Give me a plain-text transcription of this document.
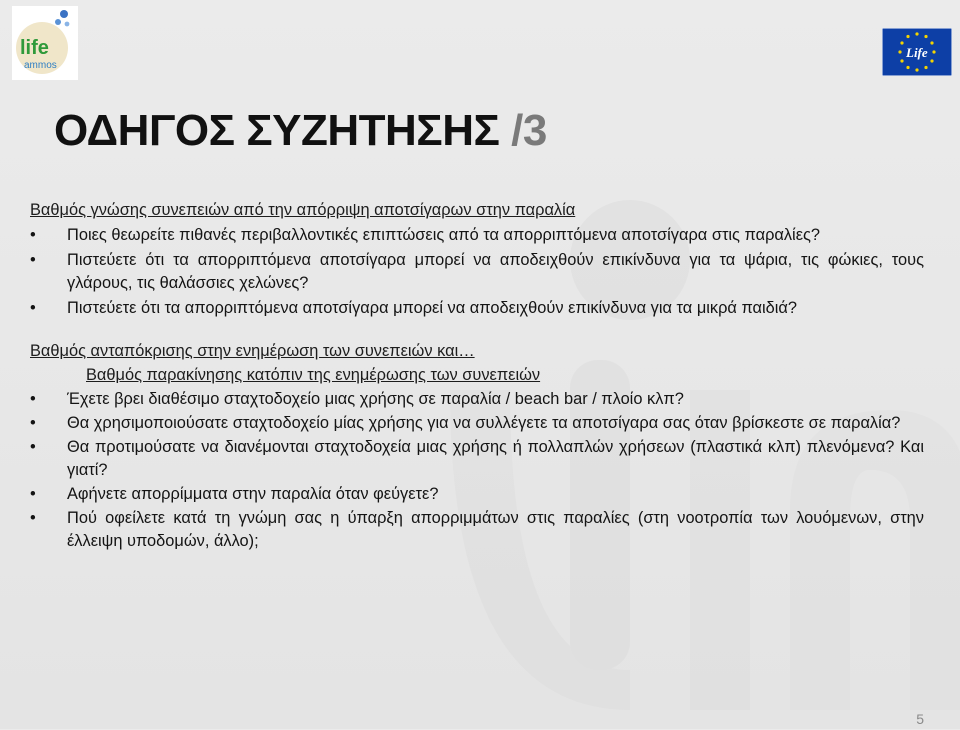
life
ammos
Life
ΟΔΗΓΟΣ ΣΥΖΗΤΗΣΗΣ /3

Βαθμός γνώσης συνεπειών από την απόρριψη αποτσίγαρων στην παραλία

• Ποιες θεωρείτε πιθανές περιβαλλοντικές επιπτώσεις από τα απορριπτόμενα αποτσίγαρα στις παραλίες?
• Πιστεύετε ότι τα απορριπτόμενα αποτσίγαρα μπορεί να αποδειχθούν επικίνδυνα για τα ψάρια, τις φώκιες, τους γλάρους, τις θαλάσσιες χελώνες?
• Πιστεύετε ότι τα απορριπτόμενα αποτσίγαρα μπορεί να αποδειχθούν επικίνδυνα για τα μικρά παιδιά?

Βαθμός ανταπόκρισης στην ενημέρωση των συνεπειών και…

Βαθμός παρακίνησης κατόπιν της ενημέρωσης των συνεπειών

• Έχετε βρει διαθέσιμο σταχτοδοχείο μιας χρήσης σε παραλία / beach bar / πλοίο κλπ?
• Θα χρησιμοποιούσατε σταχτοδοχείο μίας χρήσης για να συλλέγετε τα αποτσίγαρα σας όταν βρίσκεστε σε παραλία?
• Θα προτιμούσατε να διανέμονται σταχτοδοχεία μιας χρήσης ή πολλαπλών χρήσεων (πλαστικά κλπ) πλενόμενα? Και γιατί?
• Αφήνετε απορρίμματα στην παραλία όταν φεύγετε?
• Πού οφείλετε κατά τη γνώμη σας η ύπαρξη απορριμμάτων στις παραλίες (στη νοοτροπία των λουόμενων, στην έλλειψη υποδομών, άλλο);
5
